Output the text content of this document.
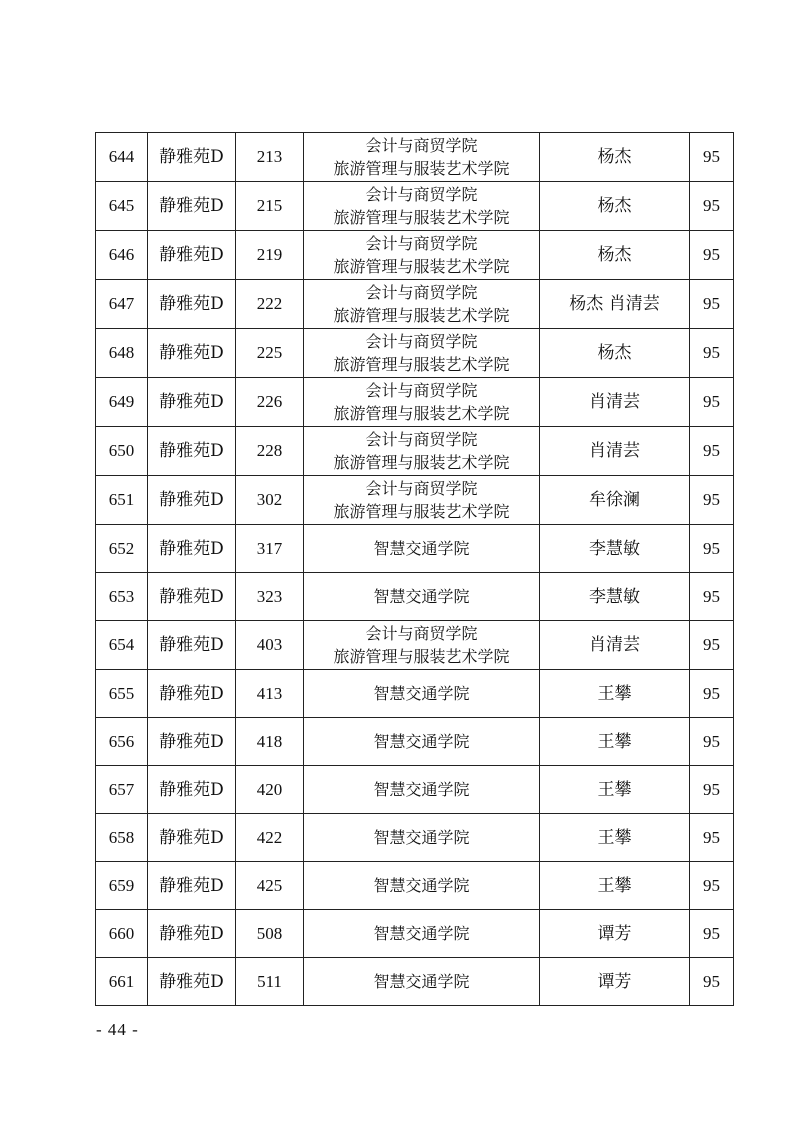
644	静雅苑D	213	会计与商贸学院
旅游管理与服装艺术学院	杨杰	95
645	静雅苑D	215	会计与商贸学院
旅游管理与服装艺术学院	杨杰	95
646	静雅苑D	219	会计与商贸学院
旅游管理与服装艺术学院	杨杰	95
647	静雅苑D	222	会计与商贸学院
旅游管理与服装艺术学院	杨杰 肖清芸	95
648	静雅苑D	225	会计与商贸学院
旅游管理与服装艺术学院	杨杰	95
649	静雅苑D	226	会计与商贸学院
旅游管理与服装艺术学院	肖清芸	95
650	静雅苑D	228	会计与商贸学院
旅游管理与服装艺术学院	肖清芸	95
651	静雅苑D	302	会计与商贸学院
旅游管理与服装艺术学院	牟徐澜	95
652	静雅苑D	317	智慧交通学院	李慧敏	95
653	静雅苑D	323	智慧交通学院	李慧敏	95
654	静雅苑D	403	会计与商贸学院
旅游管理与服装艺术学院	肖清芸	95
655	静雅苑D	413	智慧交通学院	王攀	95
656	静雅苑D	418	智慧交通学院	王攀	95
657	静雅苑D	420	智慧交通学院	王攀	95
658	静雅苑D	422	智慧交通学院	王攀	95
659	静雅苑D	425	智慧交通学院	王攀	95
660	静雅苑D	508	智慧交通学院	谭芳	95
661	静雅苑D	511	智慧交通学院	谭芳	95
- 44 -
